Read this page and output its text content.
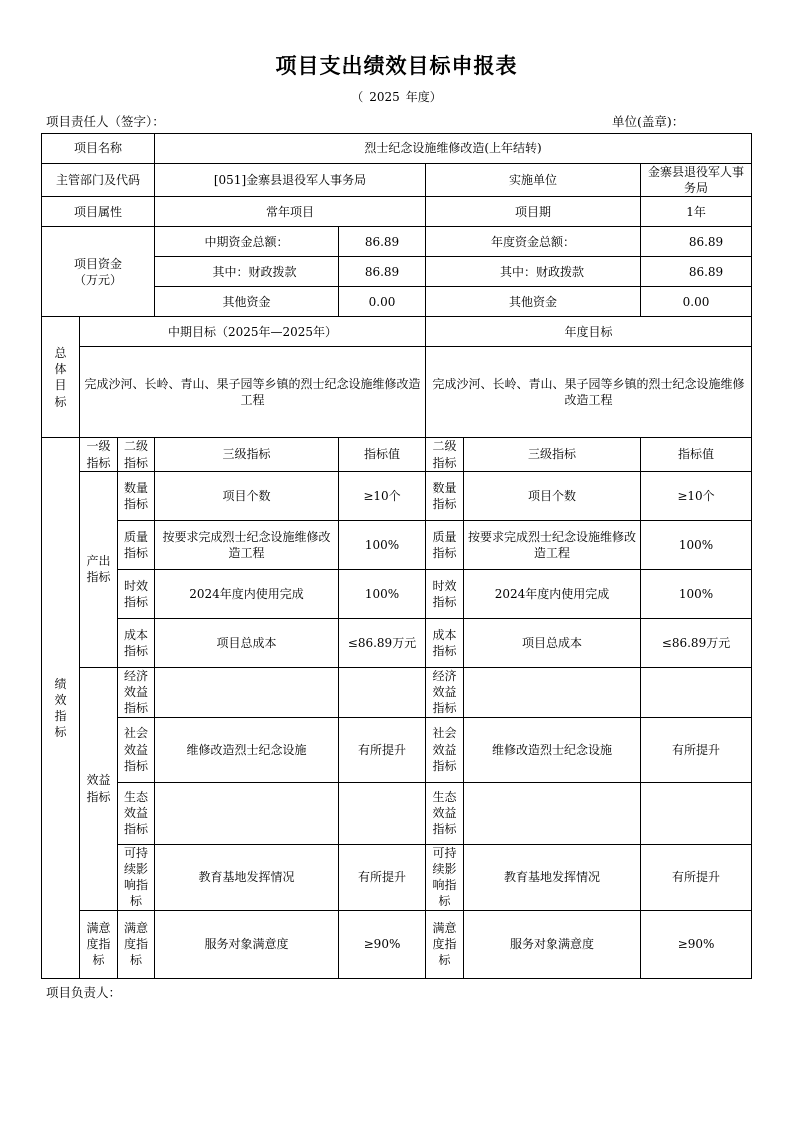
项目支出绩效目标申报表
（ 2025 年度）
项目责任人（签字）：	单位(盖章)：
项目名称			烈士纪念设施维修改造(上年结转)				
主管部门及代码			[051]金寨县退役军人事务局		实施单位		金寨县退役军人事务局
项目属性			常年项目		项目期		1年

项目资金（万元）			中期资金总额：	86.89	年度资金总额：		86.89
			其中：财政拨款	86.89	其中：财政拨款		86.89
			其他资金	0.00	其他资金		0.00
总体目标	中期目标（2025年—2025年）				年度目标		
	完成沙河、长岭、青山、果子园等乡镇的烈士纪念设施维修改造工程				完成沙河、长岭、青山、果子园等乡镇的烈士纪念设施维修改造工程		
绩效指标	一级指标	二级指标	三级指标	指标值	二级指标	三级指标	指标值

	产出指标	数量指标	项目个数	≥10个	数量指标	项目个数	≥10个
		质量指标	按要求完成烈士纪念设施维修改造工程	100%	质量指标	按要求完成烈士纪念设施维修改造工程	100%
		时效指标	2024年度内使用完成	100%	时效指标	2024年度内使用完成	100%
		成本指标	项目总成本	≤86.89万元	成本指标	项目总成本	≤86.89万元

	效益指标	经济效益指标			经济效益指标		
		社会效益指标	维修改造烈士纪念设施	有所提升	社会效益指标	维修改造烈士纪念设施	有所提升
		生态效益指标			生态效益指标		
		可持续影响指标	教育基地发挥情况	有所提升	可持续影响指标	教育基地发挥情况	有所提升

	满意度指标	满意度指标	服务对象满意度	≥90%	满意度指标	服务对象满意度	≥90%
项目负责人：
